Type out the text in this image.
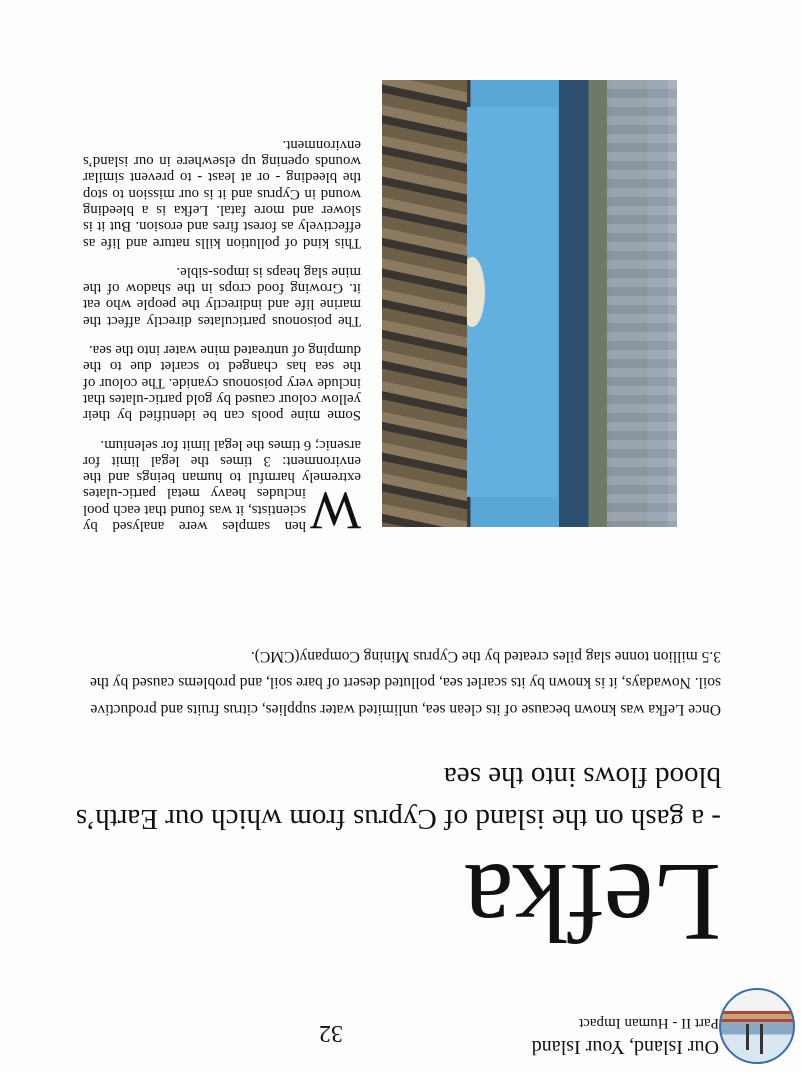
Our Island, Your Island
Part II - Human Impact
32
Lefka
- a gash on the island of Cyprus from which our Earth’s blood flows into the sea

Once Lefka was known because of its clean sea, unlimited water supplies, citrus fruits and productive soil. Nowadays, it is known by its scarlet sea, polluted desert of bare soil, and problems caused by the 3.5 million tonne slag piles created by the Cyprus Mining Company(CMC).

W
hen samples were analysed by scientists, it was found that each pool includes heavy metal partic-ulates extremely harmful to human beings and the environment: 3 times the legal limit for arsenic; 6 times the legal limit for selenium.

Some mine pools can be identified by their yellow colour caused by gold partic-ulates that include very poisonous cyanide. The colour of the sea has changed to scarlet due to the dumping of untreated mine water into the sea.

The poisonous particulates directly affect the marine life and indirectly the people who eat it. Growing food crops in the shadow of the mine slag heaps is impos-sible.

This kind of pollution kills nature and life as effectively as forest fires and erosion. But it is slower and more fatal. Lefka is a bleeding wound in Cyprus and it is our mission to stop the bleeding - or at least - to prevent similar wounds opening up elsewhere in our island’s environment.
